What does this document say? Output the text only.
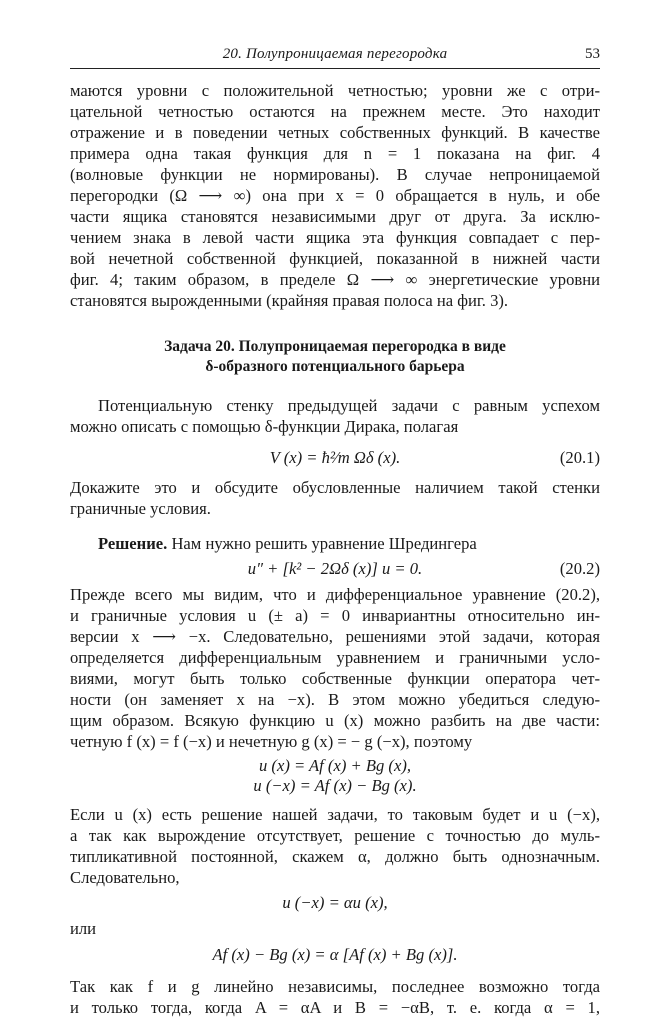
20. Полупроницаемая перегородка	53
маются уровни с положительной четностью; уровни же с отри-
цательной четностью остаются на прежнем месте. Это находит
отражение и в поведении четных собственных функций. В качестве
примера одна такая функция для n = 1 показана на фиг. 4
(волновые функции не нормированы). В случае непроницаемой
перегородки (Ω ⟶ ∞) она при x = 0 обращается в нуль, и обе
части ящика становятся независимыми друг от друга. За исклю-
чением знака в левой части ящика эта функция совпадает с пер-
вой нечетной собственной функцией, показанной в нижней части
фиг. 4; таким образом, в пределе Ω ⟶ ∞ энергетические уровни
становятся вырожденными (крайняя правая полоса на фиг. 3).
Задача 20. Полупроницаемая перегородка в виде
δ-образного потенциального барьера
Потенциальную стенку предыдущей задачи с равным успехом
можно описать с помощью δ-функции Дирака, полагая
V (x) = ħ²⁄m Ωδ (x).	(20.1)
Докажите это и обсудите обусловленные наличием такой стенки
граничные условия.
Решение. Нам нужно решить уравнение Шредингера
u″ + [k² − 2Ωδ (x)] u = 0.	(20.2)
Прежде всего мы видим, что и дифференциальное уравнение (20.2),
и граничные условия u (± a) = 0 инвариантны относительно ин-
версии x ⟶ −x. Следовательно, решениями этой задачи, которая
определяется дифференциальным уравнением и граничными усло-
виями, могут быть только собственные функции оператора чет-
ности (он заменяет x на −x). В этом можно убедиться следую-
щим образом. Всякую функцию u (x) можно разбить на две части:
четную f (x) = f (−x) и нечетную g (x) = − g (−x), поэтому
u (x) = Af (x) + Bg (x),
u (−x) = Af (x) − Bg (x).
Если u (x) есть решение нашей задачи, то таковым будет и u (−x),
а так как вырождение отсутствует, решение с точностью до муль-
типликативной постоянной, скажем α, должно быть однозначным.
Следовательно,
u (−x) = αu (x),
или
Af (x) − Bg (x) = α [Af (x) + Bg (x)].
Так как f и g линейно независимы, последнее возможно тогда
и только тогда, когда A = αA и B = −αB, т. е. когда α = 1,
